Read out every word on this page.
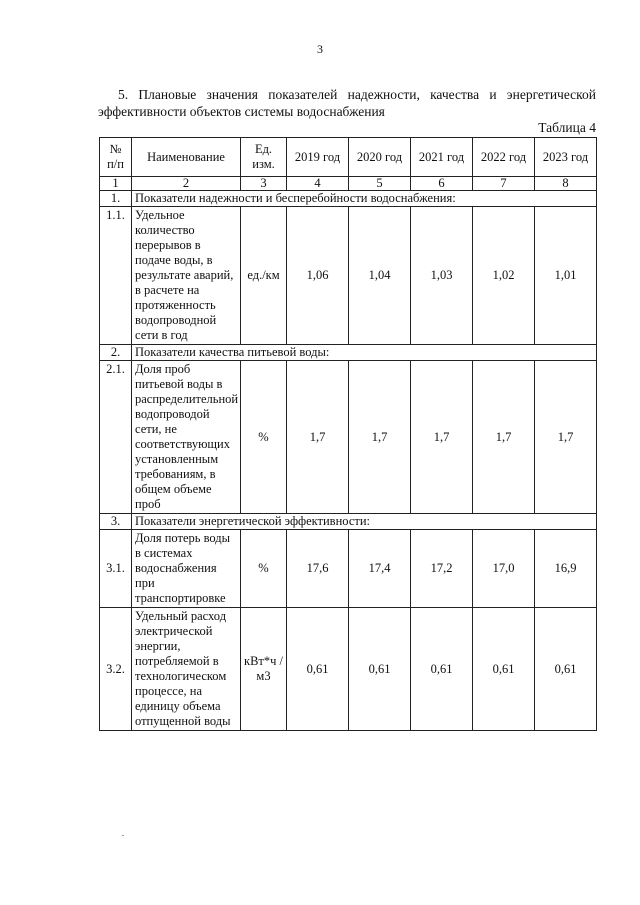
3
5. Плановые значения показателей надежности, качества и энергетической эффективности объектов системы водоснабжения
Таблица 4
№ п/п	Наименование	Ед. изм.	2019 год	2020 год	2021 год	2022 год	2023 год
1	2	3	4	5	6	7	8
1.	Показатели надежности и бесперебойности водоснабжения:						
1.1.	Удельное количество перерывов в подаче воды, в результате аварий, в расчете на протяженность водопроводной сети в год	ед./км	1,06	1,04	1,03	1,02	1,01
2.	Показатели качества питьевой воды:						
2.1.	Доля проб питьевой воды в распределительной водопроводой сети, не соответствующих установленным требованиям, в общем объеме проб	%	1,7	1,7	1,7	1,7	1,7
3.	Показатели энергетической эффективности:						
3.1.	Доля потерь воды в системах водоснабжения при транспортировке	%	17,6	17,4	17,2	17,0	16,9
3.2.	Удельный расход электрической энергии, потребляемой в технологическом процессе, на единицу объема отпущенной воды	кВт*ч /м3	0,61	0,61	0,61	0,61	0,61
